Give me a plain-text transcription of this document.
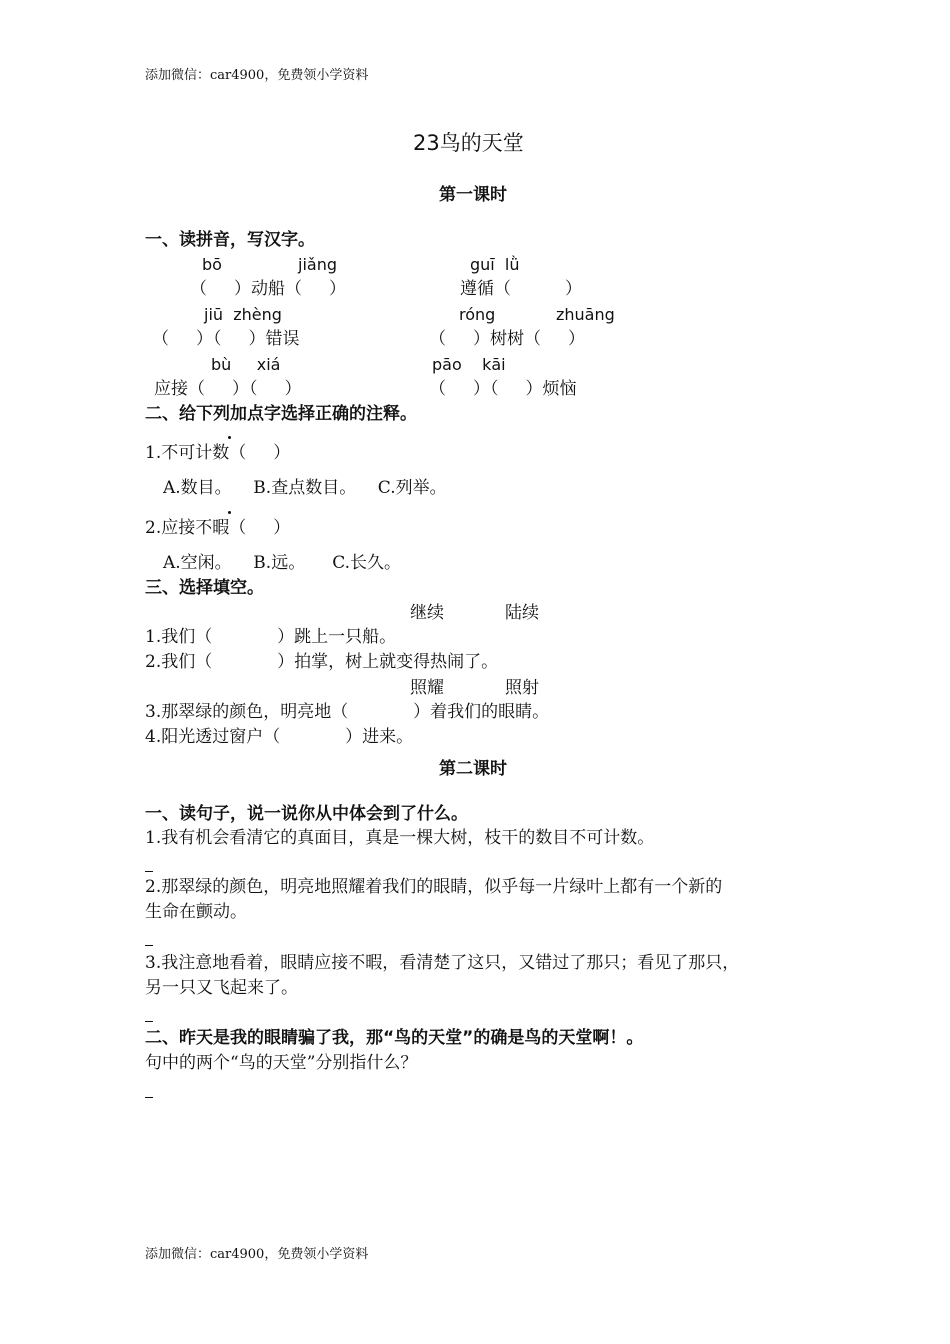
添加微信：car4900，免费领小学资料
23鸟的天堂
第一课时
一、读拼音，写汉字。
bō	jiǎng	guī  lǜ
（     ）动船（     ）	遵循（          ）
jiū  zhèng	róng	zhuāng
（     ）（     ）错误	（     ）树树（     ）
bù     xiá	pāo    kāi
应接（     ）（     ）	（     ）（     ）烦恼
二、给下列加点字选择正确的注释。
1.不可计数（     ）
A.数目。    B.查点数目。    C.列举。
2.应接不暇（     ）
A.空闲。    B.远。     C.长久。
三、选择填空。
继续	陆续
1.我们（            ）跳上一只船。
2.我们（            ）拍掌，树上就变得热闹了。
照耀	照射
3.那翠绿的颜色，明亮地（            ）着我们的眼睛。
4.阳光透过窗户（            ）进来。
第二课时
一、读句子，说一说你从中体会到了什么。
1.我有机会看清它的真面目，真是一棵大树，枝干的数目不可计数。
2.那翠绿的颜色，明亮地照耀着我们的眼睛，似乎每一片绿叶上都有一个新的
生命在颤动。
3.我注意地看着，眼睛应接不暇，看清楚了这只，又错过了那只；看见了那只，
另一只又飞起来了。
二、昨天是我的眼睛骗了我，那“鸟的天堂”的确是鸟的天堂啊！。
句中的两个“鸟的天堂”分别指什么？
添加微信：car4900，免费领小学资料
